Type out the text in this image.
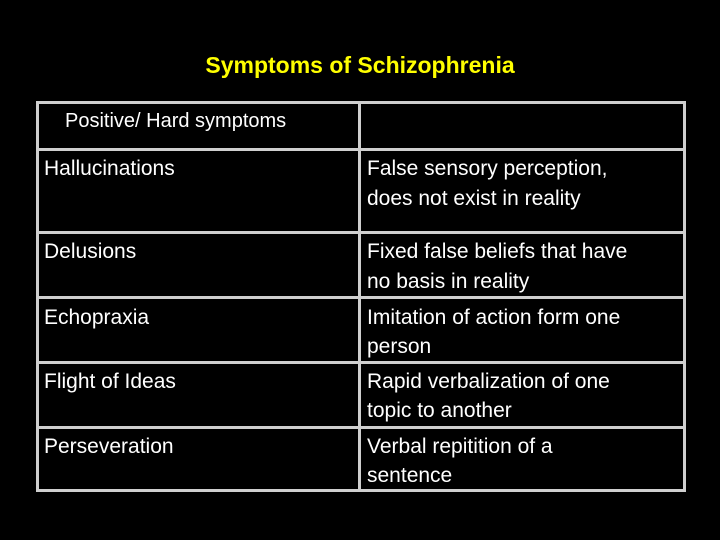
Symptoms of Schizophrenia
Positive/ Hard symptoms
Hallucinations	False sensory perception,
does not exist in reality
Delusions	Fixed false beliefs that have
no basis in reality
Echopraxia	Imitation of action form one
person
Flight of Ideas	Rapid verbalization of one
topic to another
Perseveration	Verbal repitition of a
sentence
